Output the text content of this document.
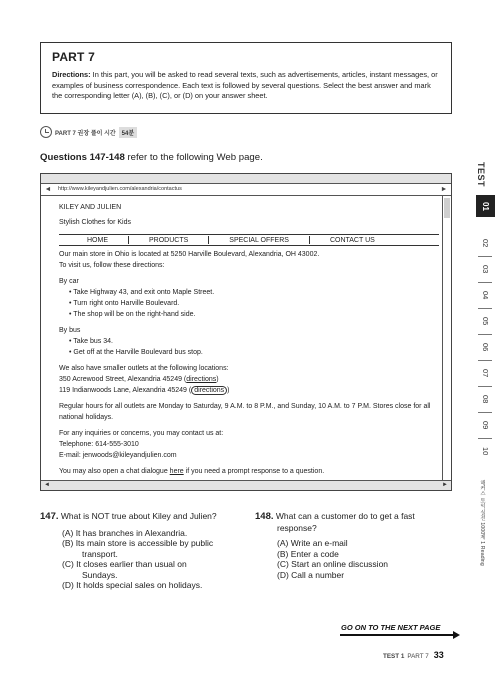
PART 7
Directions: In this part, you will be asked to read several texts, such as advertisements, articles, instant messages, or examples of business correspondence. Each text is followed by several questions. Select the best answer and mark the corresponding letter (A), (B), (C), or (D) on your answer sheet.
PART 7 권장 풀이 시간	54분
Questions 147-148 refer to the following Web page.
◄ http://www.kileyandjulien.com/alexandria/contactus	►
KILEY AND JULIEN
Stylish Clothes for Kids
HOME	PRODUCTS	SPECIAL OFFERS	CONTACT US

Our main store in Ohio is located at 5250 Harville Boulevard, Alexandria, OH 43002.

To visit us, follow these directions:

By car

• Take Highway 43, and exit onto Maple Street.
• Turn right onto Harville Boulevard.
• The shop will be on the right-hand side.

By bus

• Take bus 34.
• Get off at the Harville Boulevard bus stop.

We also have smaller outlets at the following locations:

350 Acrewood Street, Alexandria 45249 (directions)
119 Indianwoods Lane, Alexandria 45249 ( directions )

Regular hours for all outlets are Monday to Saturday, 9 A.M. to 8 P.M., and Sunday, 10 A.M. to 7 P.M. Stores close for all national holidays.

For any inquiries or concerns, you may contact us at:

Telephone: 614-555-3010
E-mail: jenwoods@kileyandjulien.com

You may also open a chat dialogue here if you need a prompt response to a question.

◄	►
TEST
01
02
03
04
05
06
07
08
09
10
해커스 토익 실전 1000제 1 Reading
147. What is NOT true about Kiley and Julien?
(A) It has branches in Alexandria.
(B) Its main store is accessible by public
transport.
(C) It closes earlier than usual on
Sundays.
(D) It holds special sales on holidays.
148. What can a customer do to get a fast
response?
(A) Write an e-mail
(B) Enter a code
(C) Start an online discussion
(D) Call a number
GO ON TO THE NEXT PAGE
TEST 1 PART 7 33
